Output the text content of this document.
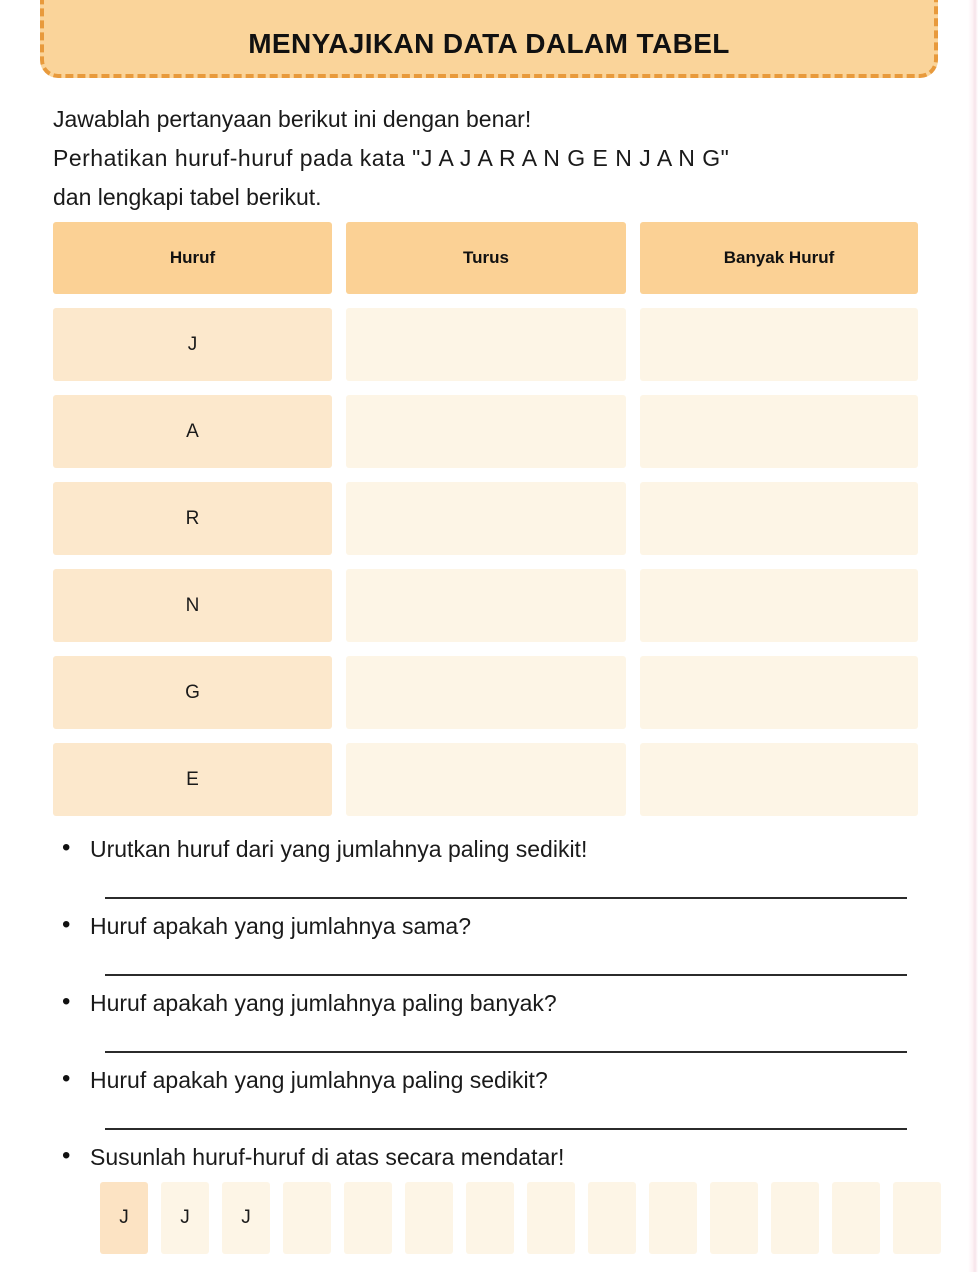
MENYAJIKAN DATA DALAM TABEL
Jawablah pertanyaan berikut ini dengan benar!
Perhatikan huruf-huruf pada kata "J A J A R A N G E N J A N G"
dan lengkapi tabel berikut.
Huruf	Turus	Banyak Huruf
J
A
R
N
G
E
• Urutkan huruf dari yang jumlahnya paling sedikit!
• Huruf apakah yang jumlahnya sama?
• Huruf apakah yang jumlahnya paling banyak?
• Huruf apakah yang jumlahnya paling sedikit?
• Susunlah huruf-huruf di atas secara mendatar!
J	J	J
